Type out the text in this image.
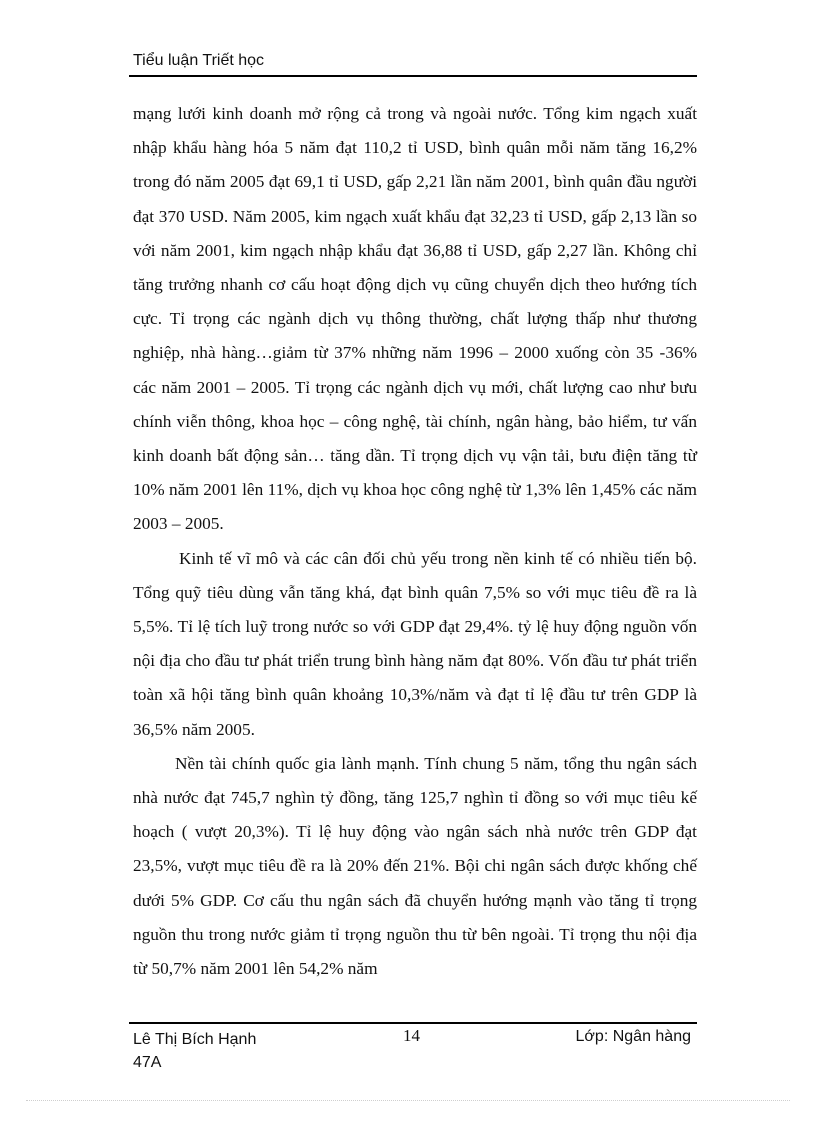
Tiểu luận Triết học

mạng lưới kinh doanh mở rộng cả trong và ngoài nước. Tổng kim ngạch xuất nhập khẩu hàng hóa 5 năm đạt 110,2 tỉ USD, bình quân mỗi năm tăng 16,2% trong đó năm 2005 đạt 69,1 tỉ USD, gấp 2,21 lần năm 2001, bình quân đầu người đạt 370 USD. Năm 2005, kim ngạch xuất khẩu đạt 32,23 tỉ USD, gấp 2,13 lần so với năm 2001, kim ngạch nhập khẩu đạt 36,88 tỉ USD, gấp 2,27 lần. Không chỉ tăng trưởng nhanh cơ cấu hoạt động dịch vụ cũng chuyển dịch theo hướng tích cực. Tỉ trọng các ngành dịch vụ thông thường, chất lượng thấp như thương nghiệp, nhà hàng…giảm từ 37% những năm 1996 – 2000 xuống còn 35 -36% các năm 2001 – 2005. Tỉ trọng các ngành dịch vụ mới, chất lượng cao như bưu chính viễn thông, khoa học – công nghệ, tài chính, ngân hàng, bảo hiểm, tư vấn kinh doanh bất động sản… tăng dần. Tỉ trọng dịch vụ vận tải, bưu điện tăng từ 10% năm 2001 lên 11%, dịch vụ khoa học công nghệ từ 1,3% lên 1,45% các năm 2003 – 2005.

Kinh tế vĩ mô và các cân đối chủ yếu trong nền kinh tế có nhiều tiến bộ. Tổng quỹ tiêu dùng vẫn tăng khá, đạt bình quân 7,5% so với mục tiêu đề ra là 5,5%. Tỉ lệ tích luỹ trong nước so với GDP đạt 29,4%. tỷ lệ huy động nguồn vốn nội địa cho đầu tư phát triển trung bình hàng năm đạt 80%. Vốn đầu tư phát triển toàn xã hội tăng bình quân khoảng 10,3%/năm và đạt tỉ lệ đầu tư trên GDP là 36,5% năm 2005.

Nền tài chính quốc gia lành mạnh. Tính chung 5 năm, tổng thu ngân sách nhà nước đạt 745,7 nghìn tỷ đồng, tăng 125,7 nghìn tỉ đồng so với mục tiêu kế hoạch ( vượt 20,3%). Tỉ lệ huy động vào ngân sách nhà nước trên GDP đạt 23,5%, vượt mục tiêu đề ra là 20% đến 21%. Bội chi ngân sách được khống chế dưới 5% GDP. Cơ cấu thu ngân sách đã chuyển hướng mạnh vào tăng tỉ trọng nguồn thu trong nước giảm tỉ trọng nguồn thu từ bên ngoài. Tỉ trọng thu nội địa từ 50,7% năm 2001 lên 54,2% năm

Lê Thị Bích Hạnh
47A
14	Lớp: Ngân hàng
